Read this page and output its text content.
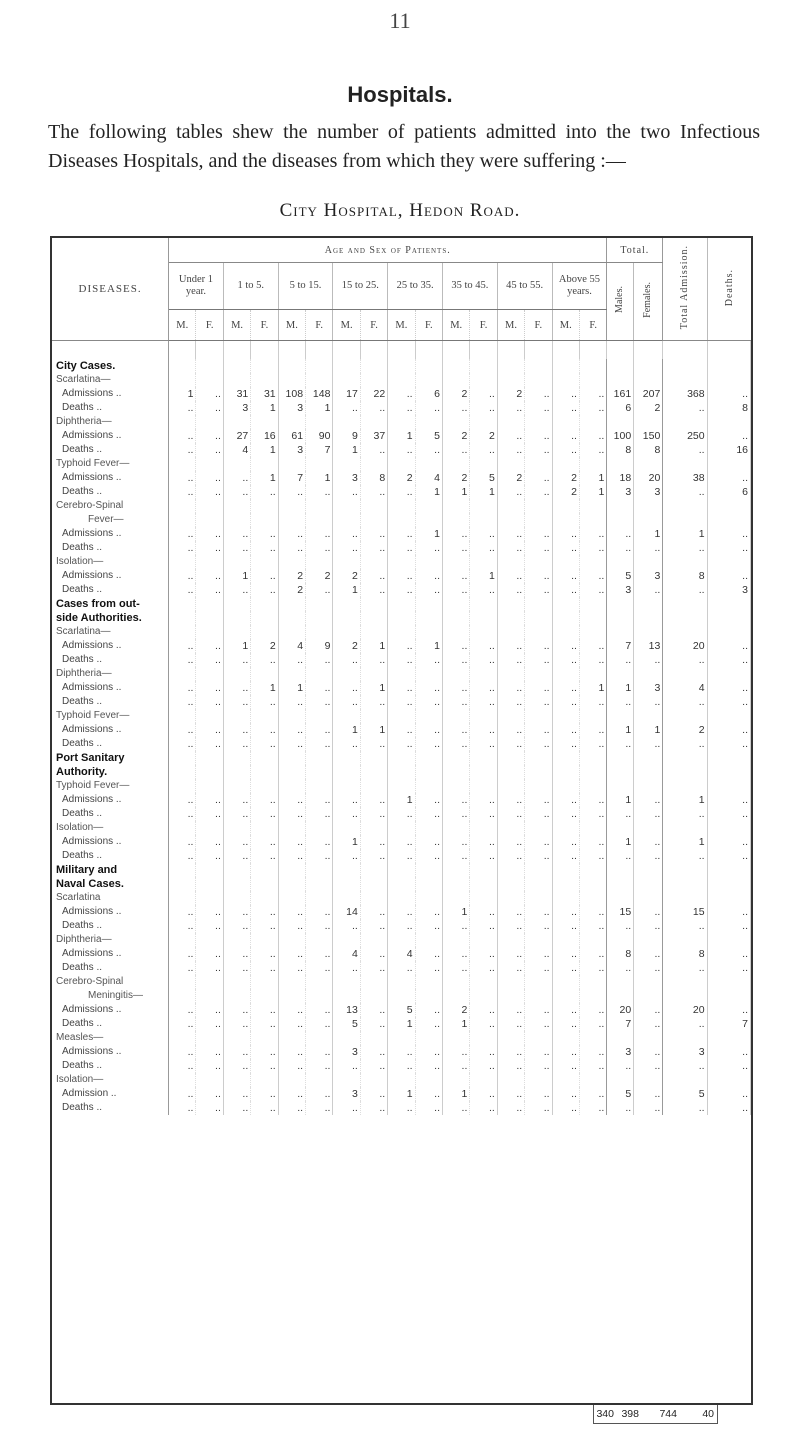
11
Hospitals.
The following tables shew the number of patients admitted into the two Infectious Diseases Hospitals, and the diseases from which they were suffering :—
City Hospital, Hedon Road.
DISEASES.	Age and Sex of Patients.																Total.		Total Admission.	Deaths.
	Under 1 year.		1 to 5.		5 to 15.		15 to 25.		25 to 35.		35 to 45.		45 to 55.		Above 55 years.		Males.	Females.		
	M.	F.	M.	F.	M.	F.	M.	F.	M.	F.	M.	F.	M.	F.	M.	F.				

City Cases.																				
Scarlatina—																				
Admissions ..	1	..	31	31	108	148	17	22	..	6	2	..	2	..	..	..	161	207	368	..
Deaths ..	..	..	3	1	3	1	..	..	..	..	..	..	..	..	..	..	6	2	..	8
Diphtheria—																				
Admissions ..	..	..	27	16	61	90	9	37	1	5	2	2	..	..	..	..	100	150	250	..
Deaths ..	..	..	4	1	3	7	1	..	..	..	..	..	..	..	..	..	8	8	..	16
Typhoid Fever—																				
Admissions ..	..	..	..	1	7	1	3	8	2	4	2	5	2	..	2	1	18	20	38	..
Deaths ..	..	..	..	..	..	..	..	..	..	1	1	1	..	..	2	1	3	3	..	6
Cerebro-Spinal																				
Fever—																				
Admissions ..	..	..	..	..	..	..	..	..	..	1	..	..	..	..	..	..	..	1	1	..
Deaths ..	..	..	..	..	..	..	..	..	..	..	..	..	..	..	..	..	..	..	..	..
Isolation—																				
Admissions ..	..	..	1	..	2	2	2	..	..	..	..	1	..	..	..	..	5	3	8	..
Deaths ..	..	..	..	..	2	..	1	..	..	..	..	..	..	..	..	..	3	..	..	3
Cases from out-																				
side Authorities.																				
Scarlatina—																				
Admissions ..	..	..	1	2	4	9	2	1	..	1	..	..	..	..	..	..	7	13	20	..
Deaths ..	..	..	..	..	..	..	..	..	..	..	..	..	..	..	..	..	..	..	..	..
Diphtheria—																				
Admissions ..	..	..	..	1	1	..	..	1	..	..	..	..	..	..	..	1	1	3	4	..
Deaths ..	..	..	..	..	..	..	..	..	..	..	..	..	..	..	..	..	..	..	..	..
Typhoid Fever—																				
Admissions ..	..	..	..	..	..	..	1	1	..	..	..	..	..	..	..	..	1	1	2	..
Deaths ..	..	..	..	..	..	..	..	..	..	..	..	..	..	..	..	..	..	..	..	..
Port Sanitary																				
Authority.																				
Typhoid Fever—																				
Admissions ..	..	..	..	..	..	..	..	..	1	..	..	..	..	..	..	..	1	..	1	..
Deaths ..	..	..	..	..	..	..	..	..	..	..	..	..	..	..	..	..	..	..	..	..
Isolation—																				
Admissions ..	..	..	..	..	..	..	1	..	..	..	..	..	..	..	..	..	1	..	1	..
Deaths ..	..	..	..	..	..	..	..	..	..	..	..	..	..	..	..	..	..	..	..	..
Military and																				
Naval Cases.																				
Scarlatina																				
Admissions ..	..	..	..	..	..	..	14	..	..	..	1	..	..	..	..	..	15	..	15	..
Deaths ..	..	..	..	..	..	..	..	..	..	..	..	..	..	..	..	..	..	..	..	..
Diphtheria—																				
Admissions ..	..	..	..	..	..	..	4	..	4	..	..	..	..	..	..	..	8	..	8	..
Deaths ..	..	..	..	..	..	..	..	..	..	..	..	..	..	..	..	..	..	..	..	..
Cerebro-Spinal																				
Meningitis—																				
Admissions ..	..	..	..	..	..	..	13	..	5	..	2	..	..	..	..	..	20	..	20	..
Deaths ..	..	..	..	..	..	..	5	..	1	..	1	..	..	..	..	..	7	..	..	7
Measles—																				
Admissions ..	..	..	..	..	..	..	3	..	..	..	..	..	..	..	..	..	3	..	3	..
Deaths ..	..	..	..	..	..	..	..	..	..	..	..	..	..	..	..	..	..	..	..	..
Isolation—																				
Admission ..	..	..	..	..	..	..	3	..	1	..	1	..	..	..	..	..	5	..	5	..
Deaths ..	..	..	..	..	..	..	..	..	..	..	..	..	..	..	..	..	..	..	..	..
340 398	744	40
